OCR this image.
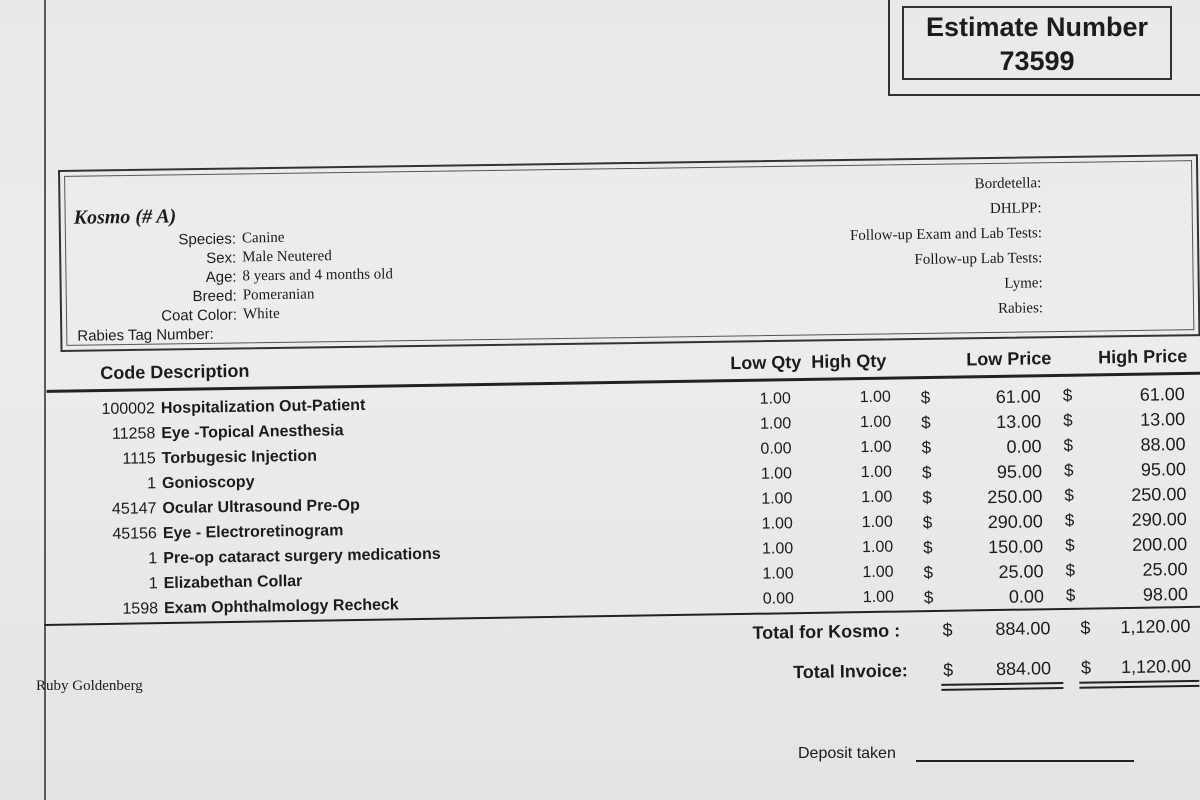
Estimate Number
73599
Kosmo (# A)
Species: Canine
Sex: Male Neutered
Age: 8 years and 4 months old
Breed: Pomeranian
Coat Color: White
Rabies Tag Number:
Bordetella:
DHLPP:
Follow-up Exam and Lab Tests:
Follow-up Lab Tests:
Lyme:
Rabies:
Code Description	Low Qty  High Qty	Low Price	High Price
100002 Hospitalization Out-Patient	1.00	1.00 $	61.00 $	61.00
11258 Eye -Topical Anesthesia	1.00	1.00 $	13.00 $	13.00
1115 Torbugesic Injection	0.00	1.00 $	0.00 $	88.00
1 Gonioscopy	1.00	1.00 $	95.00 $	95.00
45147 Ocular Ultrasound Pre-Op	1.00	1.00 $	250.00 $	250.00
45156 Eye - Electroretinogram	1.00	1.00 $	290.00 $	290.00
1 Pre-op cataract surgery medications	1.00	1.00 $	150.00 $	200.00
1 Elizabethan Collar	1.00	1.00 $	25.00 $	25.00
1598 Exam Ophthalmology Recheck	0.00	1.00 $	0.00 $	98.00
Total for Kosmo : $ 884.00 $ 1,120.00
Total Invoice: $ 884.00 $ 1,120.00
Ruby Goldenberg
Deposit taken
